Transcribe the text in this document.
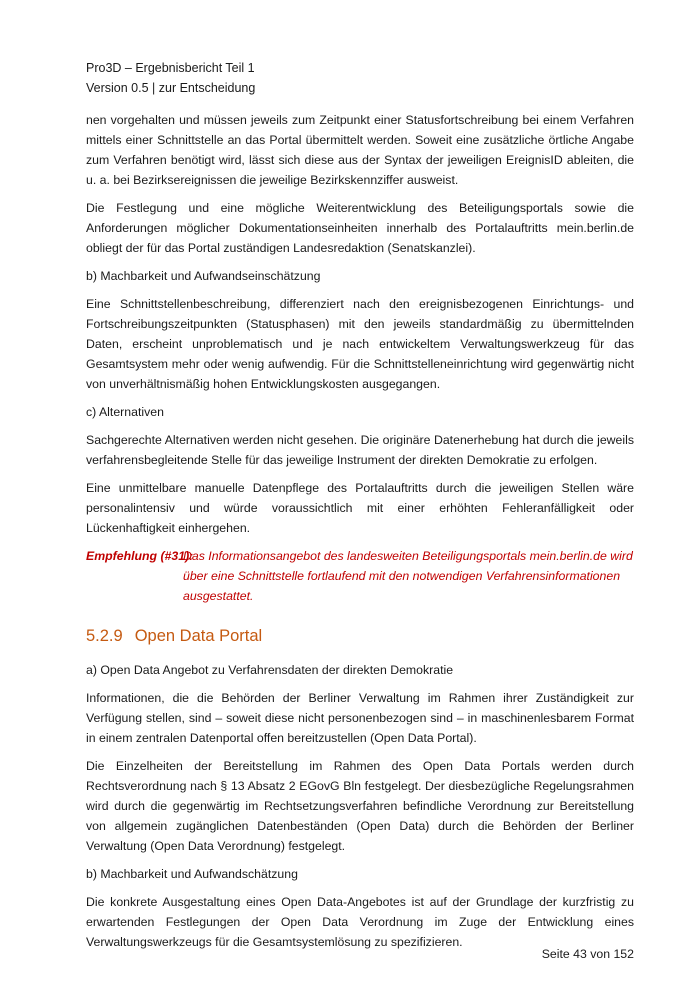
Pro3D – Ergebnisbericht Teil 1
Version 0.5 | zur Entscheidung

nen vorgehalten und müssen jeweils zum Zeitpunkt einer Statusfortschreibung bei einem Verfahren mittels einer Schnittstelle an das Portal übermittelt werden. Soweit eine zusätzliche örtliche Angabe zum Verfahren benötigt wird, lässt sich diese aus der Syntax der jeweiligen EreignisID ableiten, die u. a. bei Bezirksereignissen die jeweilige Bezirkskennziffer ausweist.

Die Festlegung und eine mögliche Weiterentwicklung des Beteiligungsportals sowie die Anforderungen möglicher Dokumentationseinheiten innerhalb des Portalauftritts mein.berlin.de obliegt der für das Portal zuständigen Landesredaktion (Senatskanzlei).

b) Machbarkeit und Aufwandseinschätzung

Eine Schnittstellenbeschreibung, differenziert nach den ereignisbezogenen Einrichtungs- und Fortschreibungszeitpunkten (Statusphasen) mit den jeweils standardmäßig zu übermittelnden Daten, erscheint unproblematisch und je nach entwickeltem Verwaltungswerkzeug für das Gesamtsystem mehr oder wenig aufwendig. Für die Schnittstelleneinrichtung wird gegenwärtig nicht von unverhältnismäßig hohen Entwicklungskosten ausgegangen.

c) Alternativen

Sachgerechte Alternativen werden nicht gesehen. Die originäre Datenerhebung hat durch die jeweils verfahrensbegleitende Stelle für das jeweilige Instrument der direkten Demokratie zu erfolgen.

Eine unmittelbare manuelle Datenpflege des Portalauftritts durch die jeweiligen Stellen wäre personalintensiv und würde voraussichtlich mit einer erhöhten Fehleranfälligkeit oder Lückenhaftigkeit einhergehen.

Empfehlung (#31):
Das Informationsangebot des landesweiten Beteiligungsportals mein.berlin.de wird über eine Schnittstelle fortlaufend mit den notwendigen Verfahrensinformationen ausgestattet.
5.2.9 Open Data Portal

a) Open Data Angebot zu Verfahrensdaten der direkten Demokratie

Informationen, die die Behörden der Berliner Verwaltung im Rahmen ihrer Zuständigkeit zur Verfügung stellen, sind – soweit diese nicht personenbezogen sind – in maschinenlesbarem Format in einem zentralen Datenportal offen bereitzustellen (Open Data Portal).

Die Einzelheiten der Bereitstellung im Rahmen des Open Data Portals werden durch Rechtsverordnung nach § 13 Absatz 2 EGovG Bln festgelegt. Der diesbezügliche Regelungsrahmen wird durch die gegenwärtig im Rechtsetzungsverfahren befindliche Verordnung zur Bereitstellung von allgemein zugänglichen Datenbeständen (Open Data) durch die Behörden der Berliner Verwaltung (Open Data Verordnung) festgelegt.

b) Machbarkeit und Aufwandschätzung

Die konkrete Ausgestaltung eines Open Data-Angebotes ist auf der Grundlage der kurzfristig zu erwartenden Festlegungen der Open Data Verordnung im Zuge der Entwicklung eines Verwaltungswerkzeugs für die Gesamtsystemlösung zu spezifizieren.

Seite 43 von 152
